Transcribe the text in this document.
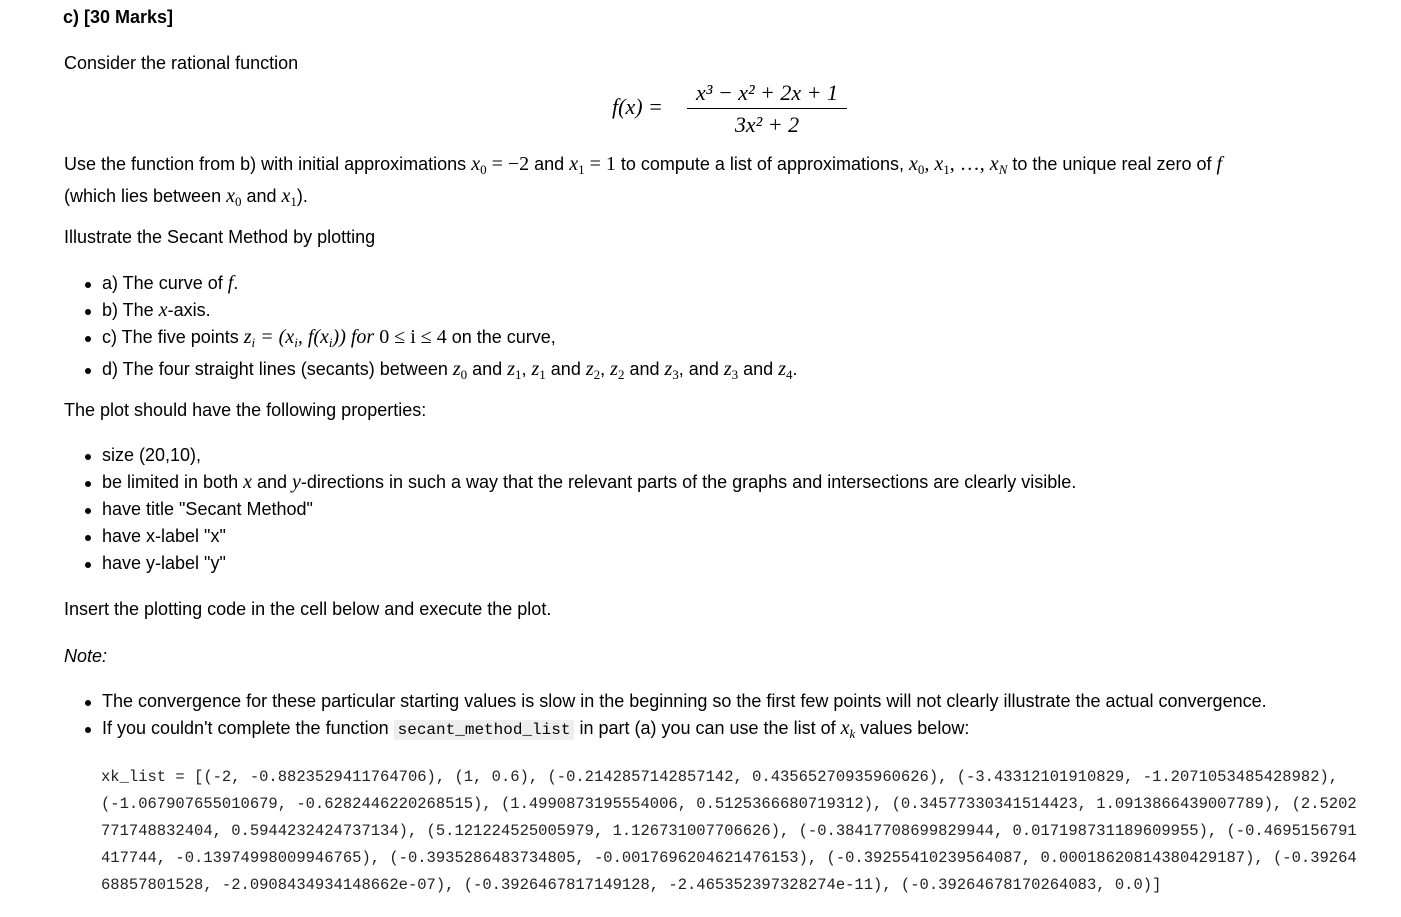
c) [30 Marks]
Consider the rational function
f(x) =
x³ − x² + 2x + 1
3x² + 2
Use the function from b) with initial approximations $x_0 = -2$ and $x_1 = 1$ to compute a list of approximations, $x_0$, $x_1$, …, $x_N$ to the unique real zero of f
(which lies between $x_0$ and $x_1$).
Illustrate the Secant Method by plotting
a) The curve of f.
b) The x-axis.
c) The five points $z_i = (x_i$, $f(x_i)$) for 0 ≤ i ≤ 4 on the curve,
d) The four straight lines (secants) between $z_0$ and $z_1$, $z_1$ and $z_2$, $z_2$ and $z_3$, and $z_3$ and $z_4$.
The plot should have the following properties:
size (20,10),
be limited in both x and y-directions in such a way that the relevant parts of the graphs and intersections are clearly visible.
have title "Secant Method"
have x-label "x"
have y-label "y"
Insert the plotting code in the cell below and execute the plot.
Note:
The convergence for these particular starting values is slow in the beginning so the first few points will not clearly illustrate the actual convergence.
If you couldn't complete the function secant_method_list in part (a) you can use the list of $x_k$ values below:
xk_list = [(-2, -0.8823529411764706), (1, 0.6), (-0.2142857142857142, 0.43565270935960626), (-3.43312101910829, -1.2071053485428982), (-1.067907655010679, -0.6282446220268515), (1.4990873195554006, 0.5125366680719312), (0.34577330341514423, 1.0913866439007789), (2.5202771748832404, 0.5944232424737134), (5.121224525005979, 1.126731007706626), (-0.38417708699829944, 0.017198731189609955), (-0.4695156791417744, -0.13974998009946765), (-0.3935286483734805, -0.0017696204621476153), (-0.39255410239564087, 0.00018620814380429187), (-0.3926468857801528, -2.0908434934148662e-07), (-0.3926467817149128, -2.465352397328274e-11), (-0.39264678170264083, 0.0)]
